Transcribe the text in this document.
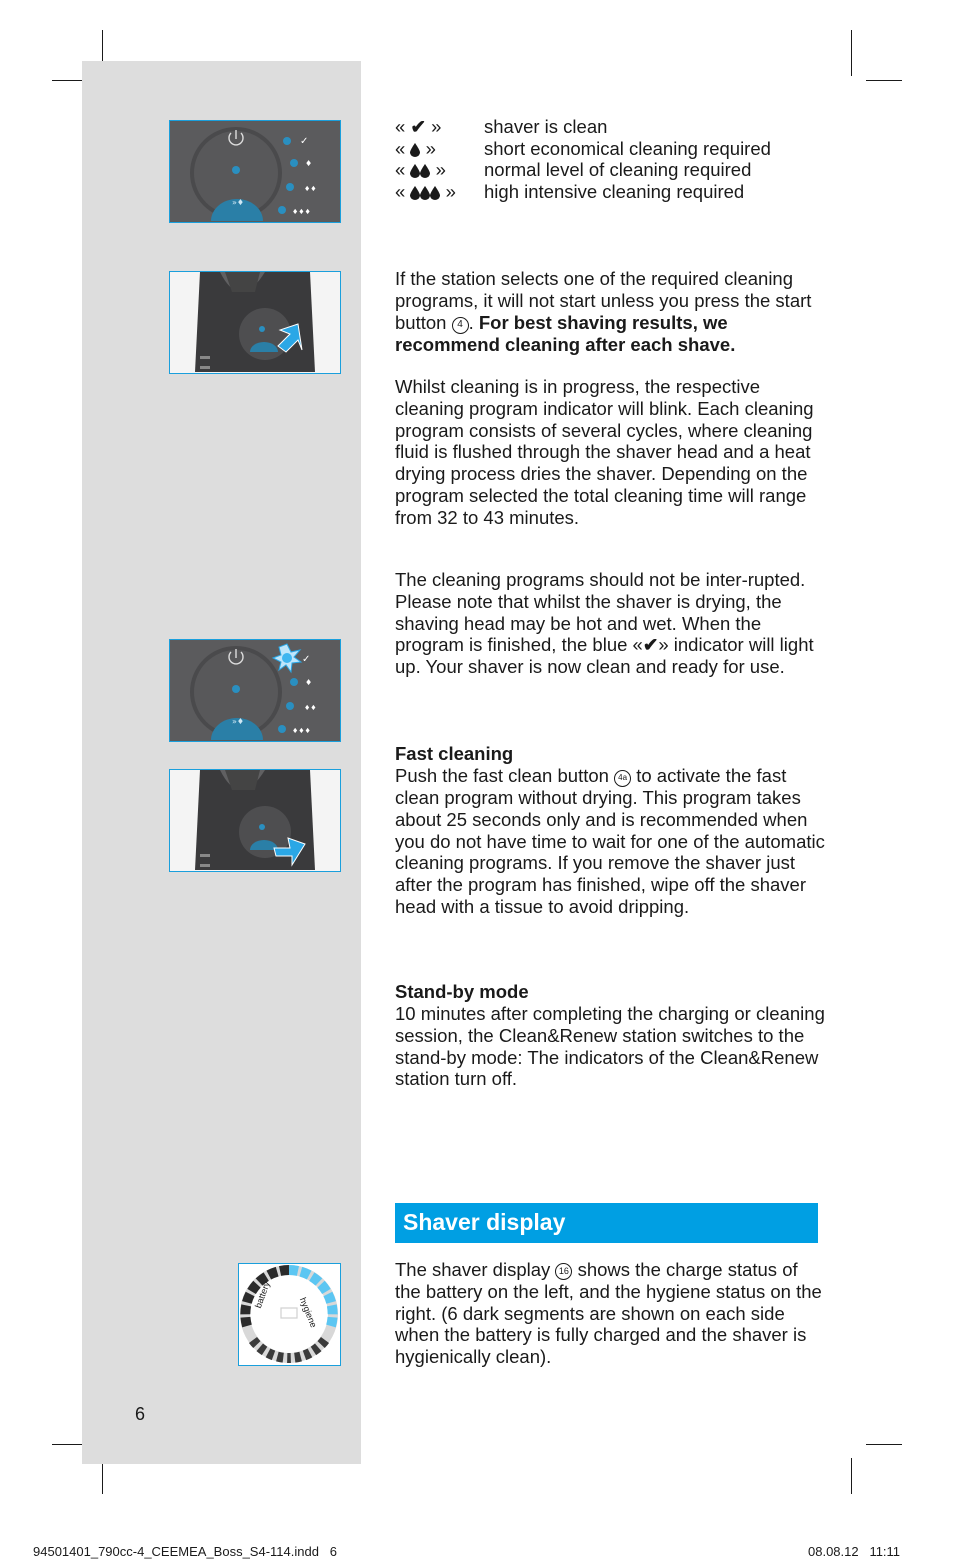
»♦
✓
♦
♦♦
♦♦♦
»♦
✓
♦
♦♦
♦♦♦
battery
hygiene
« ✔ » shaver is clean
« »	short economical cleaning required
« » normal level of cleaning required
« » high intensive cleaning required
If the station selects one of the required cleaning programs, it will not start unless you press the start button 4 . For best shaving results, we recommend cleaning after each shave.
Whilst cleaning is in progress, the respective cleaning program indicator will blink. Each cleaning program consists of several cycles, where cleaning fluid is flushed through the shaver head and a heat drying process dries the shaver. Depending on the program selected the total cleaning time will range from 32 to 43 minutes.
The cleaning programs should not be inter-rupted. Please note that whilst the shaver is drying, the shaving head may be hot and wet. When the program is finished, the blue «✔» indicator will light up. Your shaver is now clean and ready for use.
Fast cleaning
Push the fast clean button 4a to activate the fast clean program without drying. This program takes about 25 seconds only and is recommended when you do not have time to wait for one of the automatic cleaning programs. If you remove the shaver just after the program has finished, wipe off the shaver head with a tissue to avoid dripping.
Stand-by mode
10 minutes after completing the charging or cleaning session, the Clean&Renew station switches to the stand-by mode: The indicators of the Clean&Renew station turn off.
Shaver display
The shaver display 16 shows the charge status of the battery on the left, and the hygiene status on the right. (6 dark segments are shown on each side when the battery is fully charged and the shaver is hygienically clean).
6
94501401_790cc-4_CEEMEA_Boss_S4-114.indd   6	08.08.12   11:11
